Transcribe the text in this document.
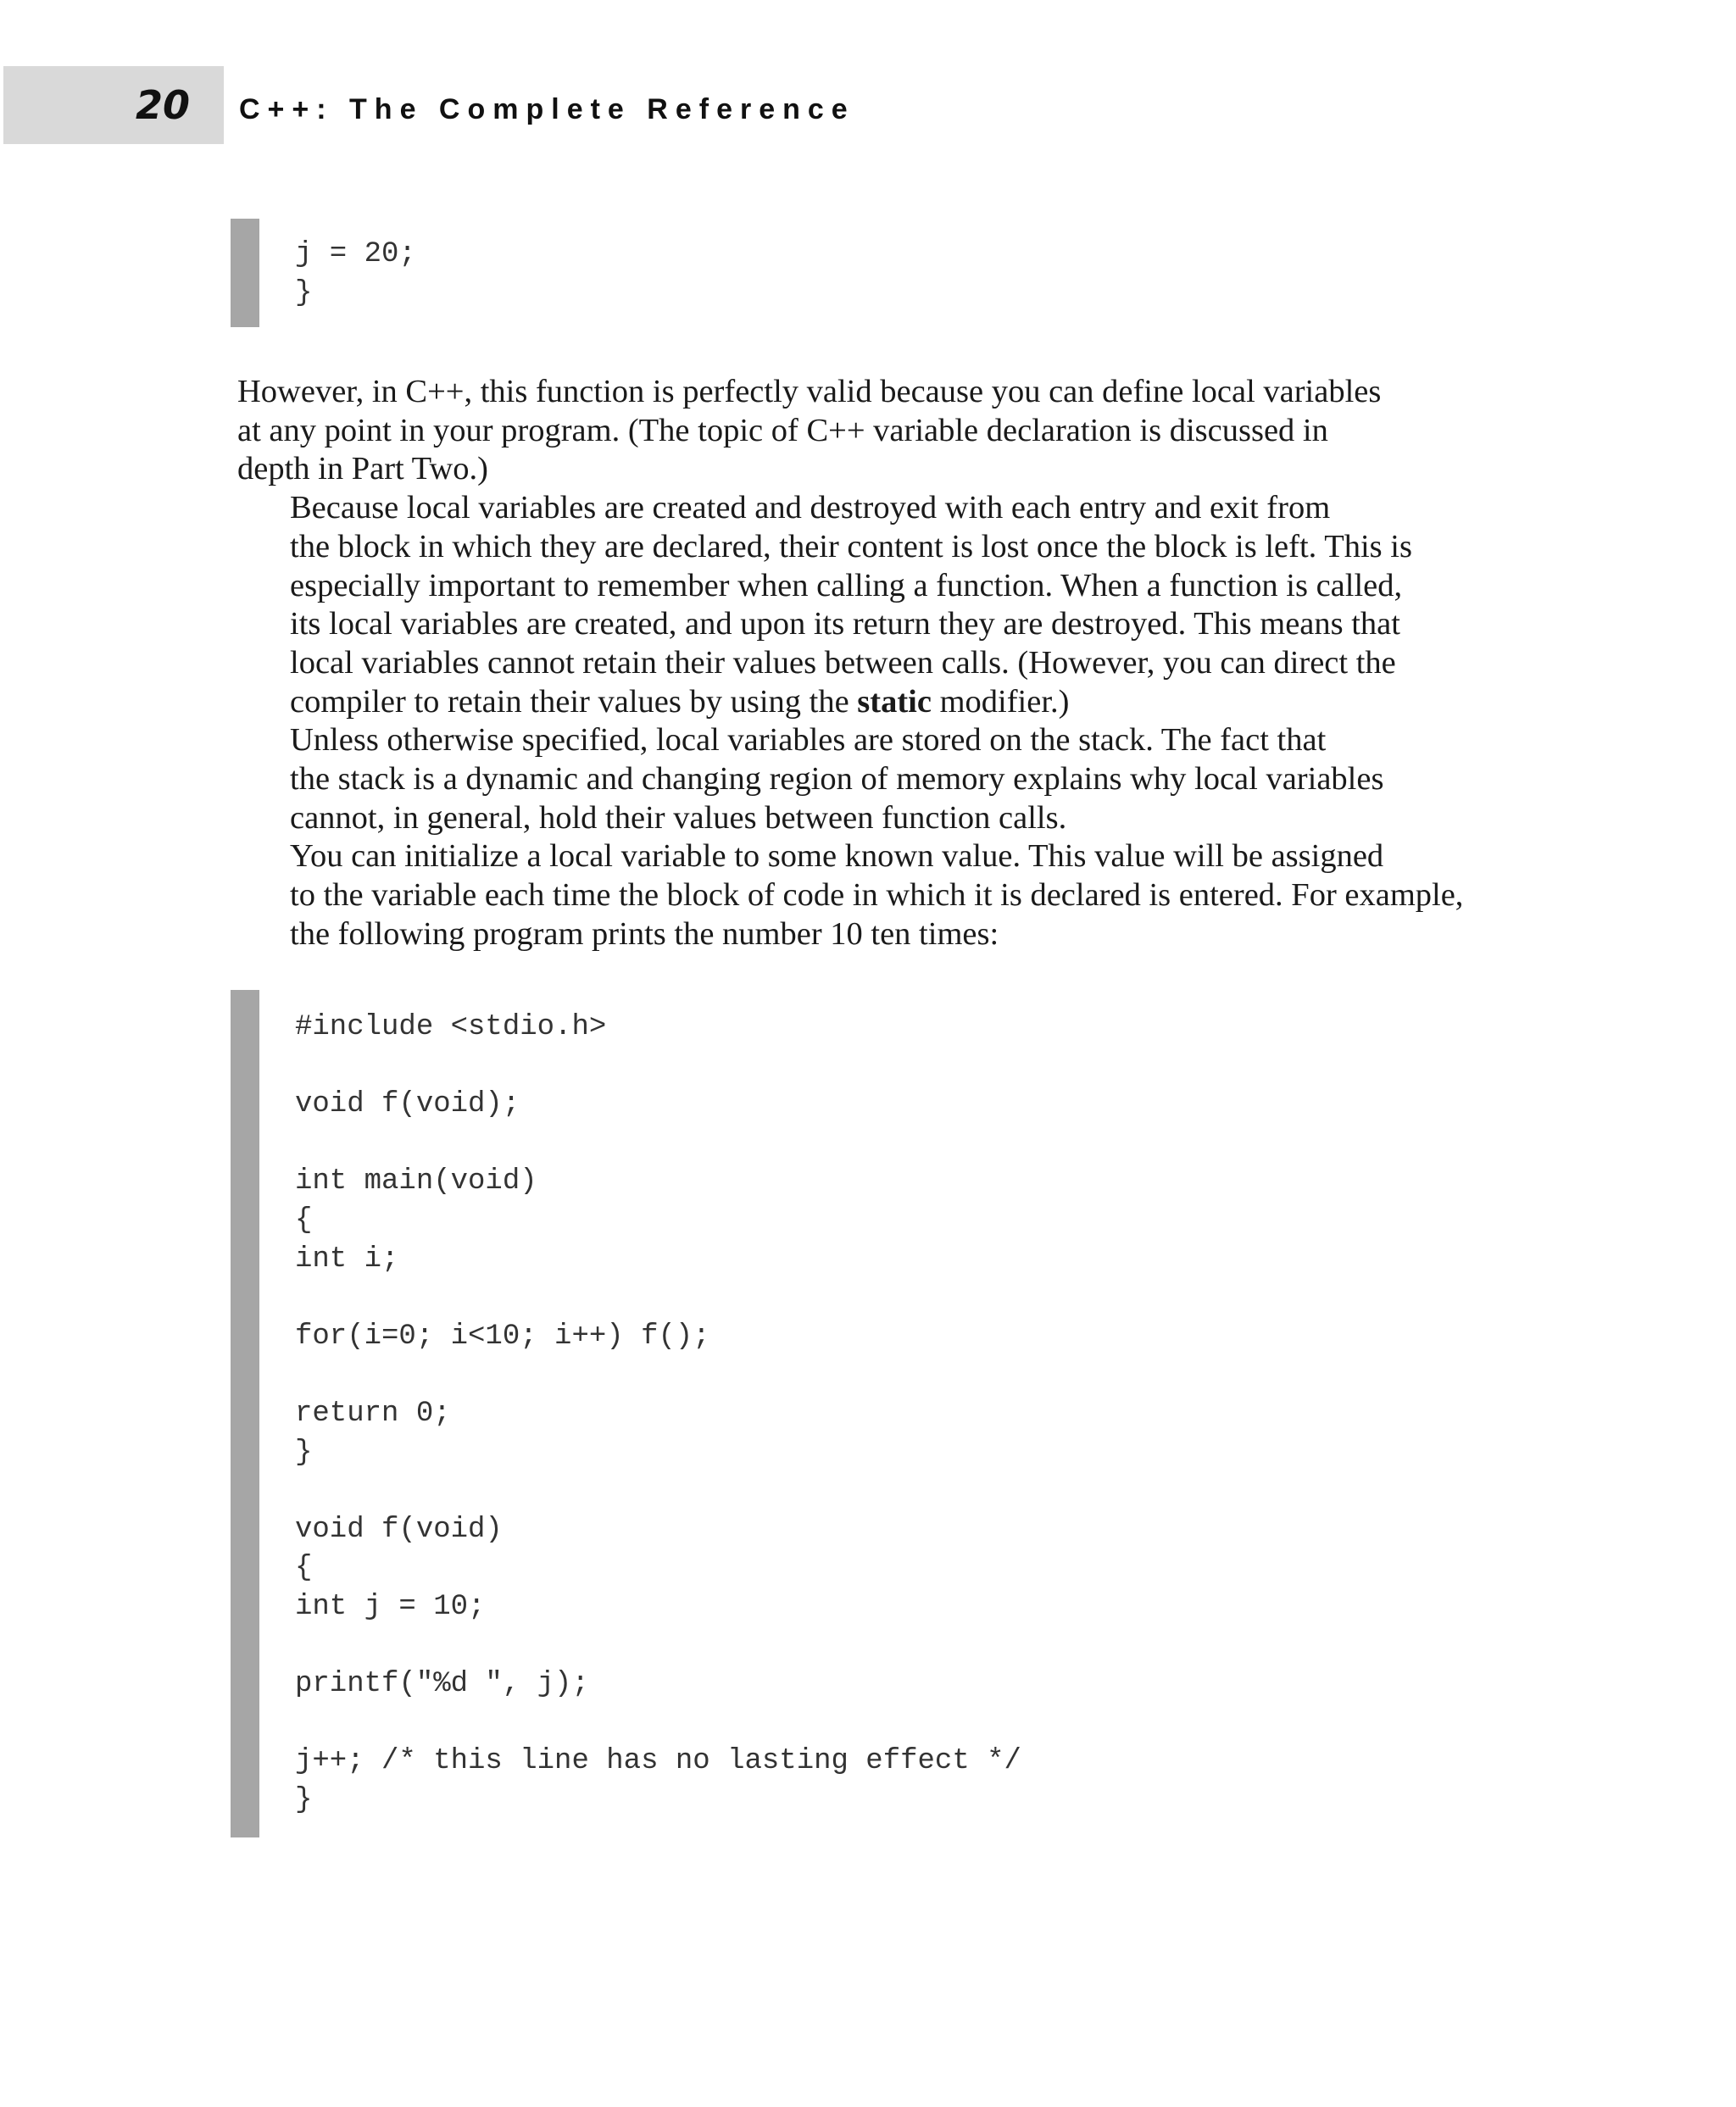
20 C++: The Complete Reference
j = 20;
}

However, in C++, this function is perfectly valid because you can define local variables
at any point in your program. (The topic of C++ variable declaration is discussed in
depth in Part Two.)

Because local variables are created and destroyed with each entry and exit from
the block in which they are declared, their content is lost once the block is left. This is
especially important to remember when calling a function. When a function is called,
its local variables are created, and upon its return they are destroyed. This means that
local variables cannot retain their values between calls. (However, you can direct the
compiler to retain their values by using the static modifier.)

Unless otherwise specified, local variables are stored on the stack. The fact that
the stack is a dynamic and changing region of memory explains why local variables
cannot, in general, hold their values between function calls.

You can initialize a local variable to some known value. This value will be assigned
to the variable each time the block of code in which it is declared is entered. For example,
the following program prints the number 10 ten times:

#include <stdio.h>
void f(void);
int main(void)
{
int i;
for(i=0; i<10; i++) f();
return 0;
}
void f(void)
{
int j = 10;
printf("%d ", j);
j++; /* this line has no lasting effect */
}
